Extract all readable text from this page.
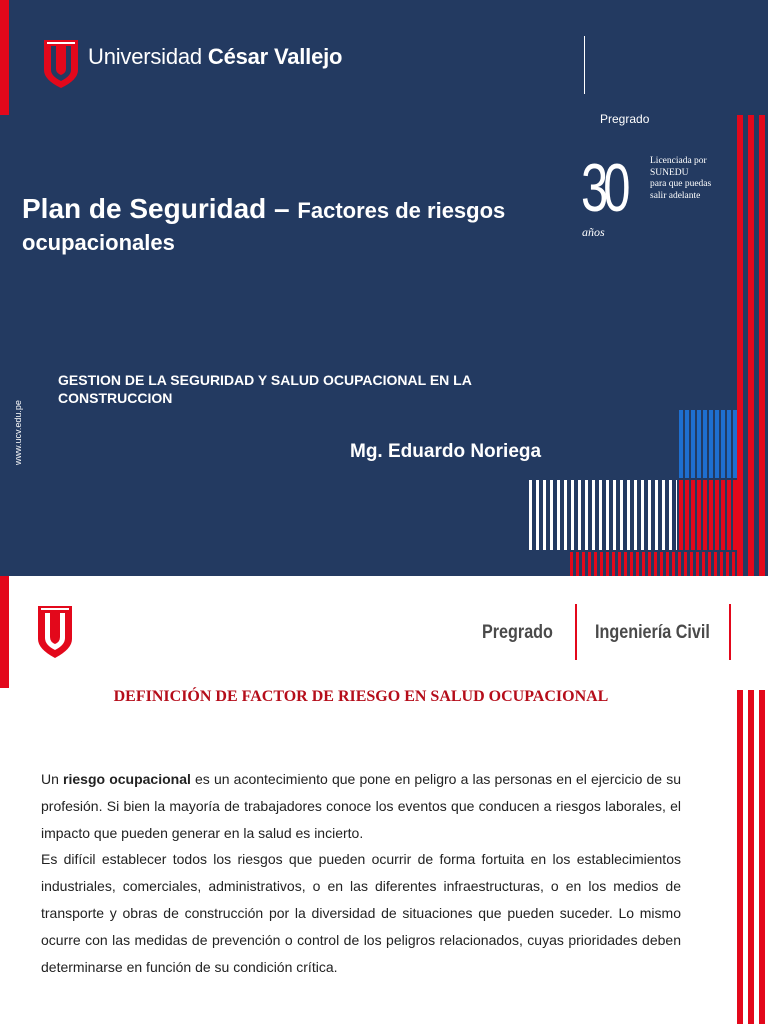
Universidad César Vallejo
Pregrado
30
años
Licenciada por
SUNEDU
para que puedas
salir adelante
Plan de Seguridad – Factores de riesgos
ocupacionales
GESTION DE LA SEGURIDAD Y SALUD OCUPACIONAL EN LA CONSTRUCCION
Mg. Eduardo Noriega
www.ucv.edu.pe
Pregrado Ingeniería Civil
DEFINICIÓN DE FACTOR DE RIESGO EN SALUD OCUPACIONAL

Un riesgo ocupacional es un acontecimiento que pone en peligro a las personas en el ejercicio de su profesión. Si bien la mayoría de trabajadores conoce los eventos que conducen a riesgos laborales, el impacto que pueden generar en la salud es incierto.

Es difícil establecer todos los riesgos que pueden ocurrir de forma fortuita en los establecimientos industriales, comerciales, administrativos, o en las diferentes infraestructuras, o en los medios de transporte y obras de construcción por la diversidad de situaciones que pueden suceder. Lo mismo ocurre con las medidas de prevención o control de los peligros relacionados, cuyas prioridades deben determinarse en función de su condición crítica.
